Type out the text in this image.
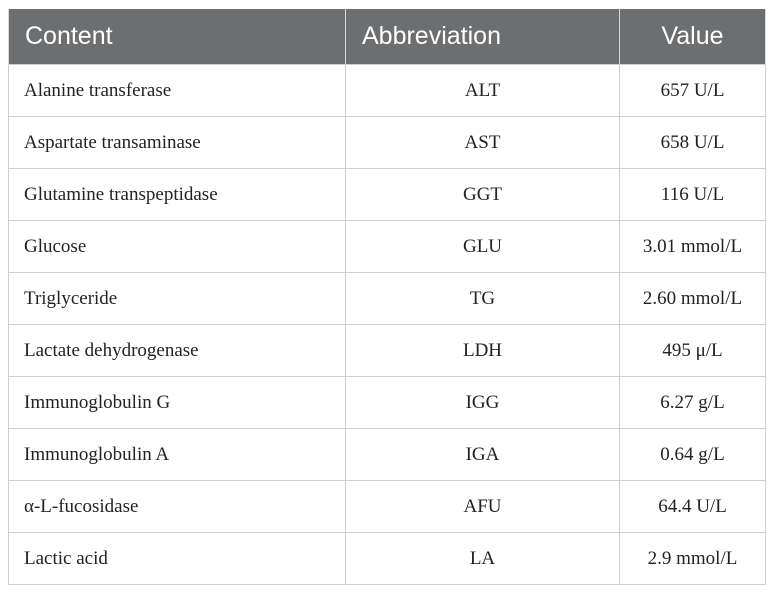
Content	Abbreviation	Value
Alanine transferase	ALT	657 U/L
Aspartate transaminase	AST	658 U/L
Glutamine transpeptidase	GGT	116 U/L
Glucose	GLU	3.01 mmol/L
Triglyceride	TG	2.60 mmol/L
Lactate dehydrogenase	LDH	495 μ/L
Immunoglobulin G	IGG	6.27 g/L
Immunoglobulin A	IGA	0.64 g/L
α-L-fucosidase	AFU	64.4 U/L
Lactic acid	LA	2.9 mmol/L
